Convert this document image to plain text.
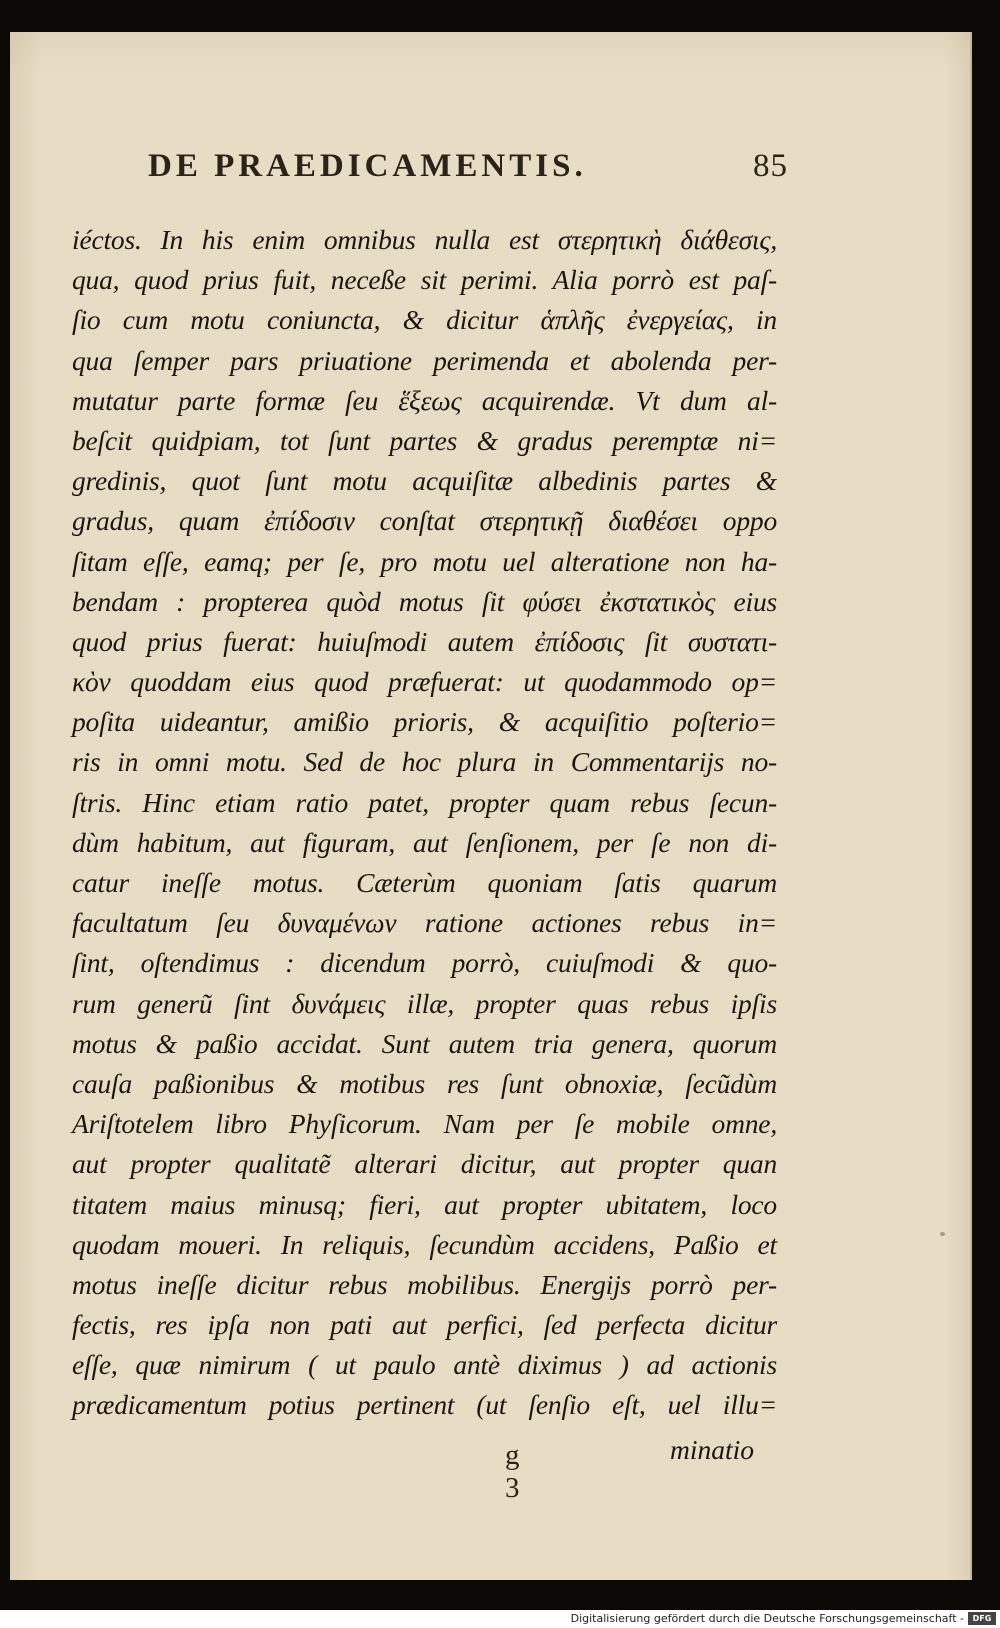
DE PRAEDICAMENTIS.	85
iéctos. In his enim omnibus nulla est στερητικὴ διάθεσις,
qua, quod prius fuit, neceße sit perimi. Alia porrò est paſ-
ſio cum motu coniuncta, & dicitur ἁπλῆς ἐνεργείας, in
qua ſemper pars priuatione perimenda et abolenda per-
mutatur parte formæ ſeu ἕξεως acquirendæ. Vt dum al-
beſcit quidpiam, tot ſunt partes & gradus peremptæ ni=
gredinis, quot ſunt motu acquiſitæ albedinis partes &
gradus, quam ἐπίδοσιν conſtat στερητικῇ διαθέσει oppo
ſitam eſſe, eamq; per ſe, pro motu uel alteratione non ha-
bendam : propterea quòd motus ſit φύσει ἐκστατικὸς eius
quod prius fuerat: huiuſmodi autem ἐπίδοσις ſit συστατι-
κὸν quoddam eius quod præfuerat: ut quodammodo op=
poſita uideantur, amißio prioris, & acquiſitio poſterio=
ris in omni motu. Sed de hoc plura in Commentarijs no-
ſtris. Hinc etiam ratio patet, propter quam rebus ſecun-
dùm habitum, aut figuram, aut ſenſionem, per ſe non di-
catur ineſſe motus. Cæterùm quoniam ſatis quarum
facultatum ſeu δυναμένων ratione actiones rebus in=
ſint, oſtendimus : dicendum porrò, cuiuſmodi & quo-
rum generũ ſint δυνάμεις illæ, propter quas rebus ipſis
motus & paßio accidat. Sunt autem tria genera, quorum
cauſa paßionibus & motibus res ſunt obnoxiæ, ſecũdùm
Ariſtotelem libro Phyſicorum. Nam per ſe mobile omne,
aut propter qualitatẽ alterari dicitur, aut propter quan
titatem maius minusq; fieri, aut propter ubitatem, loco
quodam moueri. In reliquis, ſecundùm accidens, Paßio et
motus ineſſe dicitur rebus mobilibus. Energijs porrò per-
fectis, res ipſa non pati aut perfici, ſed perfecta dicitur
eſſe, quæ nimirum ( ut paulo antè diximus ) ad actionis
prædicamentum potius pertinent (ut ſenſio eſt, uel illu=
g 3
minatio
Digitalisierung gefördert durch die Deutsche Forschungsgemeinschaft -	DFG
